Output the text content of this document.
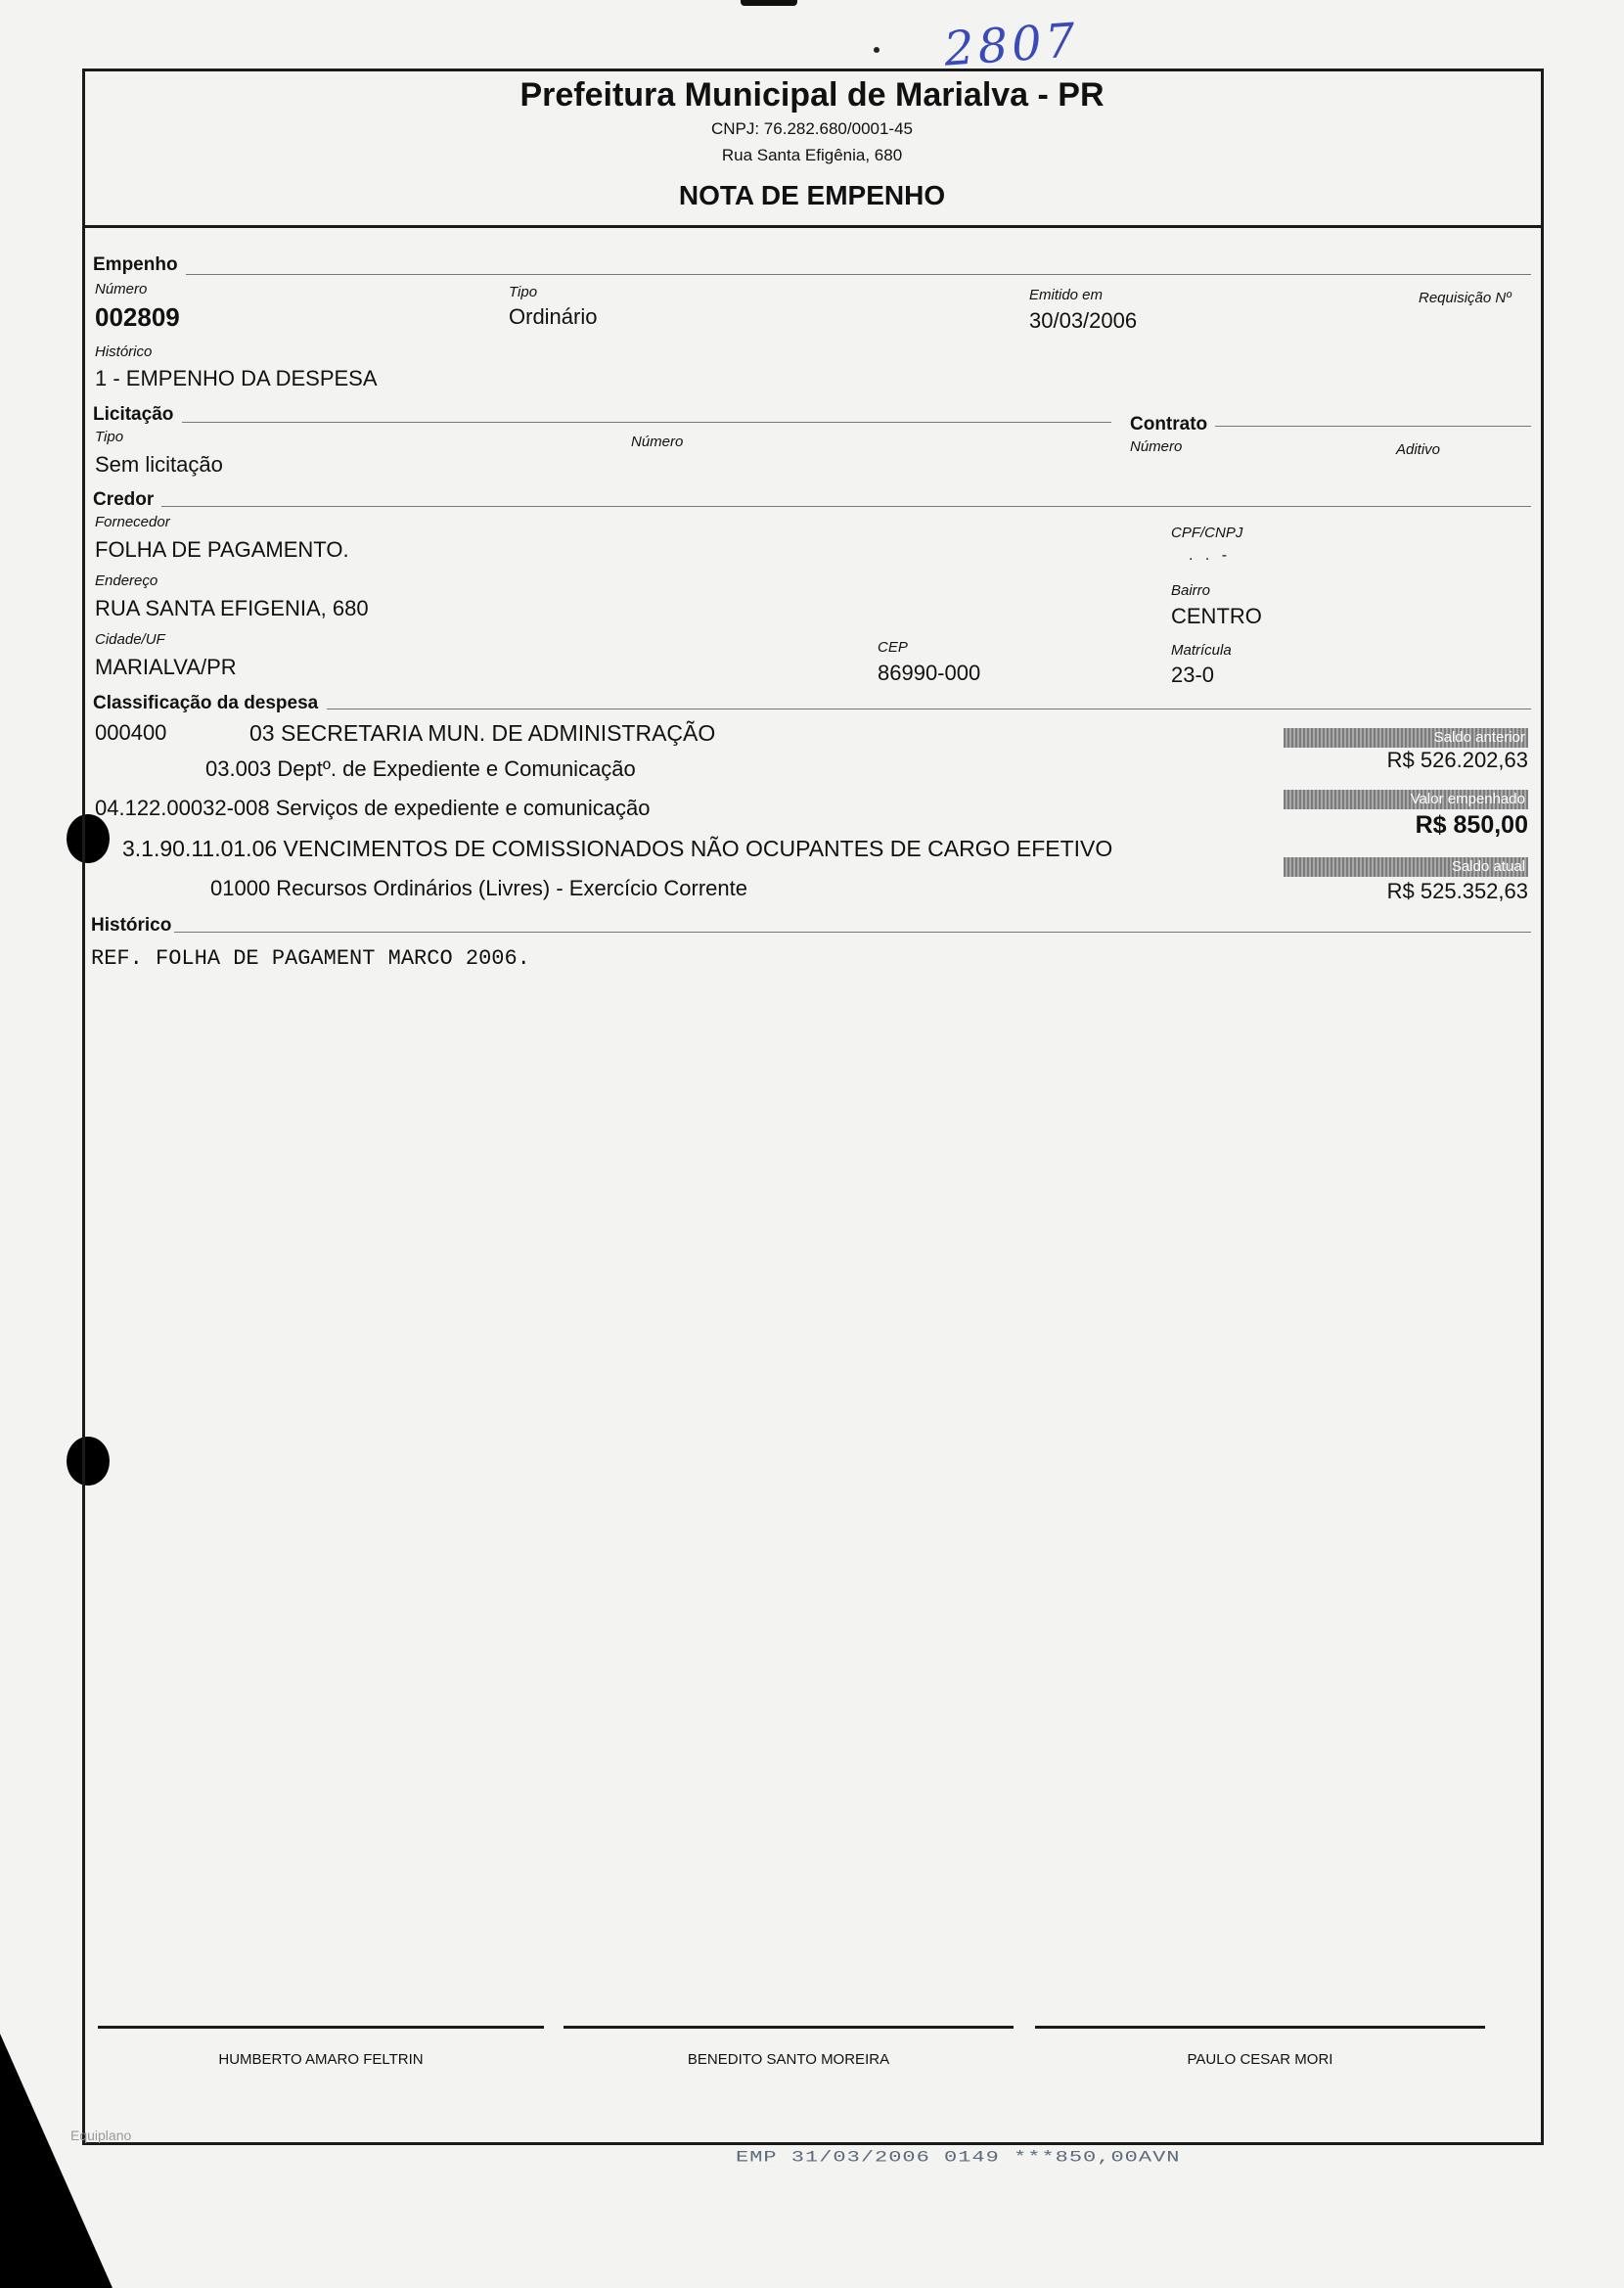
2807
Prefeitura Municipal de Marialva - PR
CNPJ: 76.282.680/0001-45
Rua Santa Efigênia, 680
NOTA DE EMPENHO
Empenho
Número
002809
Tipo
Ordinário
Emitido em
30/03/2006
Requisição Nº
Histórico
1 - EMPENHO DA DESPESA
Licitação
Tipo
Sem licitação
Número
Contrato
Número	Aditivo
Credor
Fornecedor
FOLHA DE PAGAMENTO.
CPF/CNPJ
. . -
Endereço
RUA SANTA EFIGENIA, 680
Bairro
CENTRO
Cidade/UF
MARIALVA/PR
CEP
86990-000
Matrícula
23-0
Classificação da despesa
000400	03 SECRETARIA MUN. DE ADMINISTRAÇÃO
03.003 Deptº. de Expediente e Comunicação
04.122.00032-008 Serviços de expediente e comunicação
3.1.90.11.01.06 VENCIMENTOS DE COMISSIONADOS NÃO OCUPANTES DE CARGO EFETIVO
01000 Recursos Ordinários (Livres) - Exercício Corrente
Saldo anterior
R$ 526.202,63
Valor empenhado
R$ 850,00
Saldo atual
R$ 525.352,63
Histórico
REF. FOLHA DE PAGAMENT MARCO 2006.
HUMBERTO AMARO FELTRIN	BENEDITO SANTO MOREIRA	PAULO CESAR MORI
Equiplano
EMP 31/03/2006 0149 ***850,00AVN
